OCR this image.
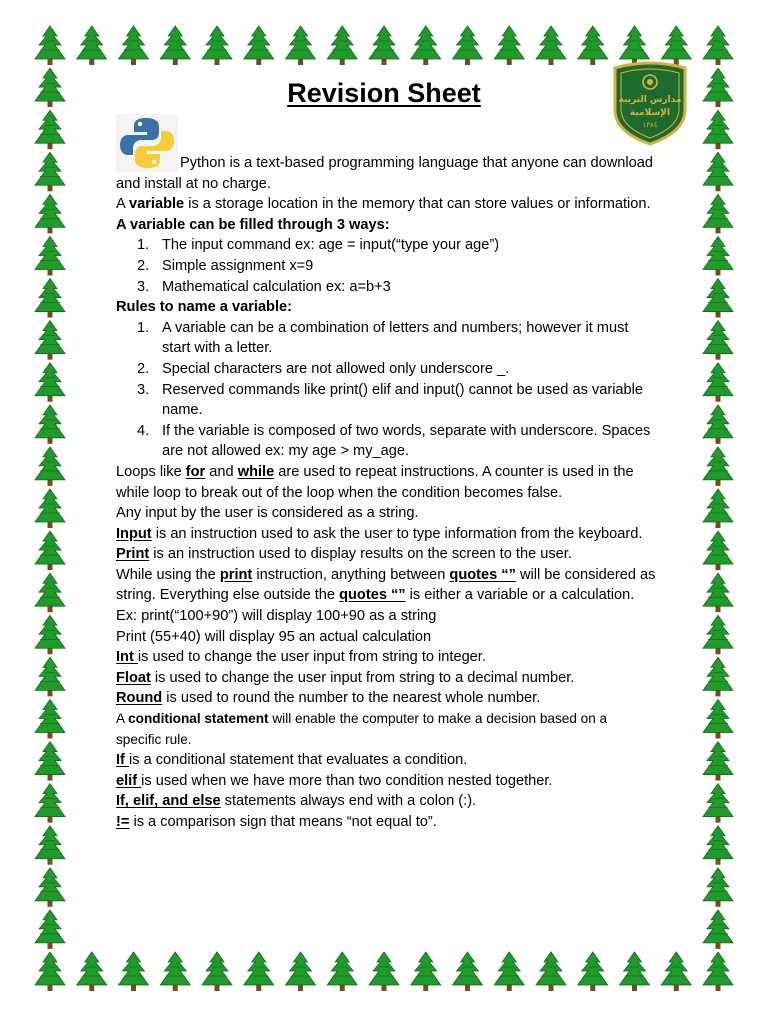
Revision Sheet	مدارس التربية
الإسلامية
١٣٨٤

Python is a text-based programming language that anyone can download and install at no charge.

A variable is a storage location in the memory that can store values or information.

A variable can be filled through 3 ways:

1. The input command ex: age = input(“type your age”)
2. Simple assignment x=9
3. Mathematical calculation ex: a=b+3

Rules to name a variable:

1. A variable can be a combination of letters and numbers; however it must start with a letter.
2. Special characters are not allowed only underscore _.
3. Reserved commands like print() elif and input() cannot be used as variable name.
4. If the variable is composed of two words, separate with underscore. Spaces are not allowed ex: my age > my_age.

Loops like for and while are used to repeat instructions. A counter is used in the while loop to break out of the loop when the condition becomes false.

Any input by the user is considered as a string.

Input is an instruction used to ask the user to type information from the keyboard.

Print is an instruction used to display results on the screen to the user.

While using the print instruction, anything between quotes “” will be considered as string. Everything else outside the quotes “” is either a variable or a calculation.

Ex: print(“100+90”) will display 100+90 as a string

Print (55+40) will display 95 an actual calculation

Int is used to change the user input from string to integer.

Float is used to change the user input from string to a decimal number.

Round is used to round the number to the nearest whole number.

A conditional statement will enable the computer to make a decision based on a specific rule.

If is a conditional statement that evaluates a condition.

elif is used when we have more than two condition nested together.

If, elif, and else statements always end with a colon (:).

!= is a comparison sign that means “not equal to”.
